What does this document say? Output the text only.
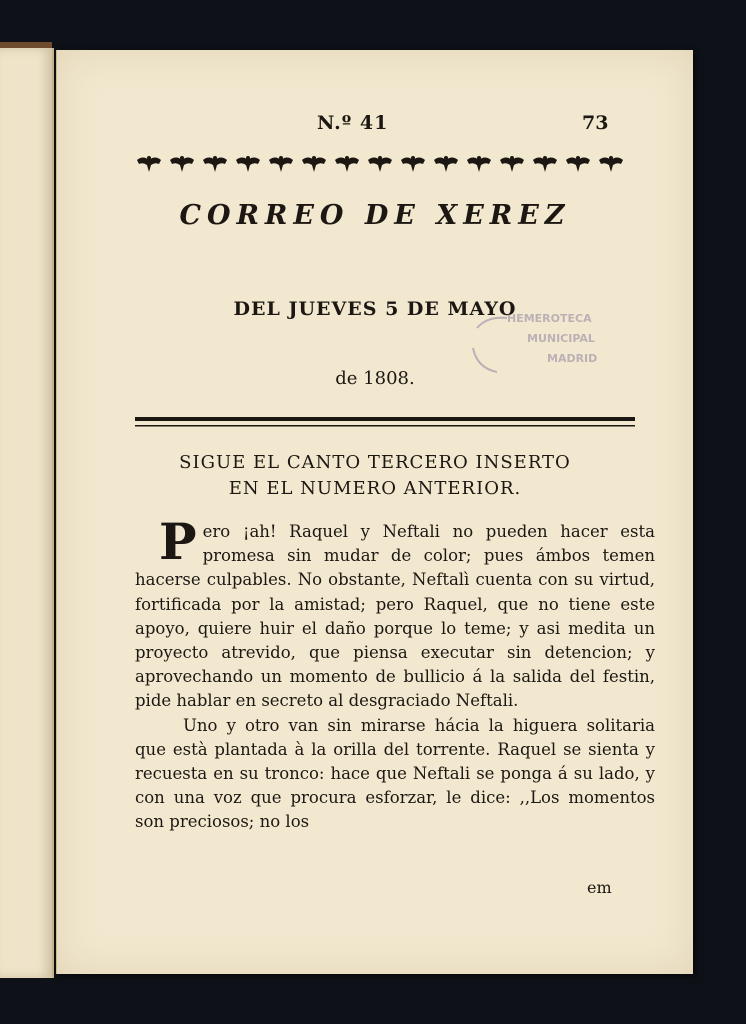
N.º 41	73
CORREO DE XEREZ
DEL JUEVES 5 DE MAYO
de 1808.
HEMEROTECA
MUNICIPAL
MADRID
SIGUE EL CANTO TERCERO INSERTO
EN EL NUMERO ANTERIOR.

Pero ¡ah! Raquel y Neftali no pueden hacer esta promesa sin mudar de color; pues ámbos temen hacerse culpables. No obstante, Neftalì cuenta con su virtud, fortificada por la amistad; pero Raquel, que no tiene este apoyo, quiere huir el daño porque lo teme; y asi medita un proyecto atrevido, que piensa executar sin detencion; y aprovechando un momento de bullicio á la salida del festin, pide hablar en secreto al desgraciado Neftali.

Uno y otro van sin mirarse hácia la higuera solitaria que està plantada à la orilla del torrente. Raquel se sienta y recuesta en su tronco: hace que Neftali se ponga á su lado, y con una voz que procura esforzar, le dice: ,,Los momentos son preciosos; no los

em
